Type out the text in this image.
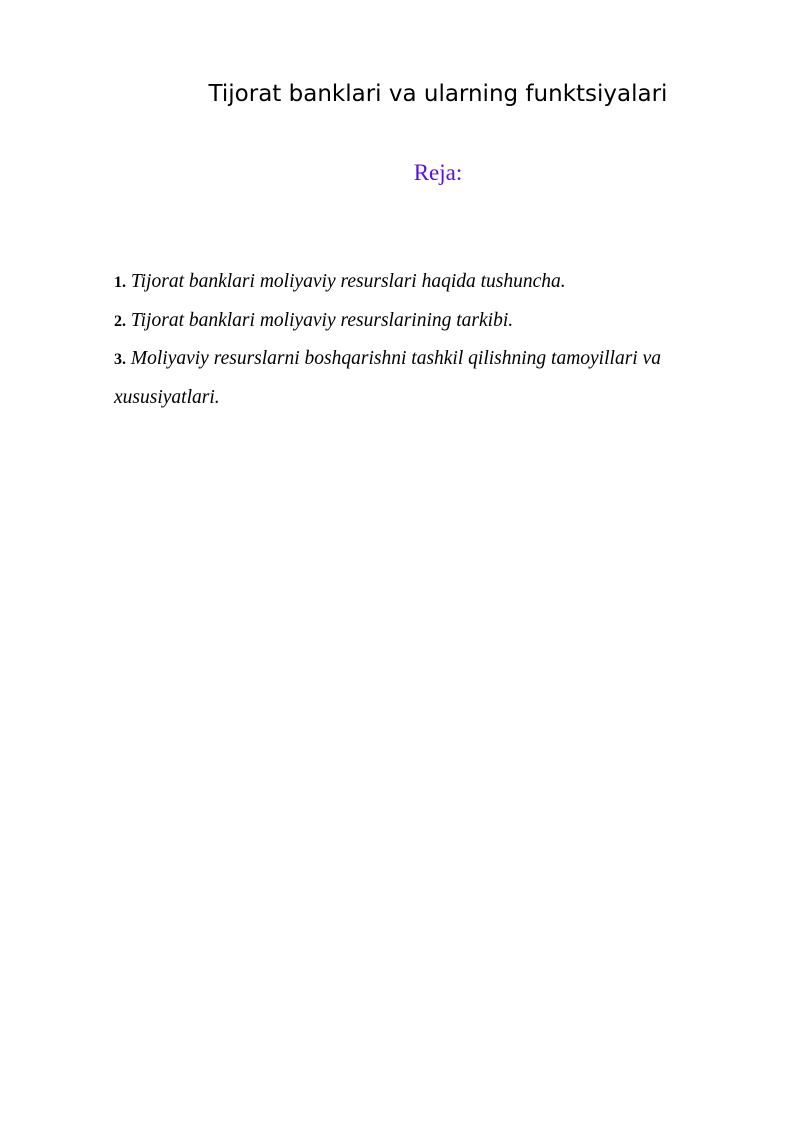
Tijorat banklari va ularning funktsiyalari
Reja:
1. Tijorat banklari moliyaviy resurslari haqida tushuncha.
2. Tijorat banklari moliyaviy resurslarining tarkibi.
3. Moliyaviy resurslarni boshqarishni tashkil qilishning tamoyillari va xususiyatlari.
